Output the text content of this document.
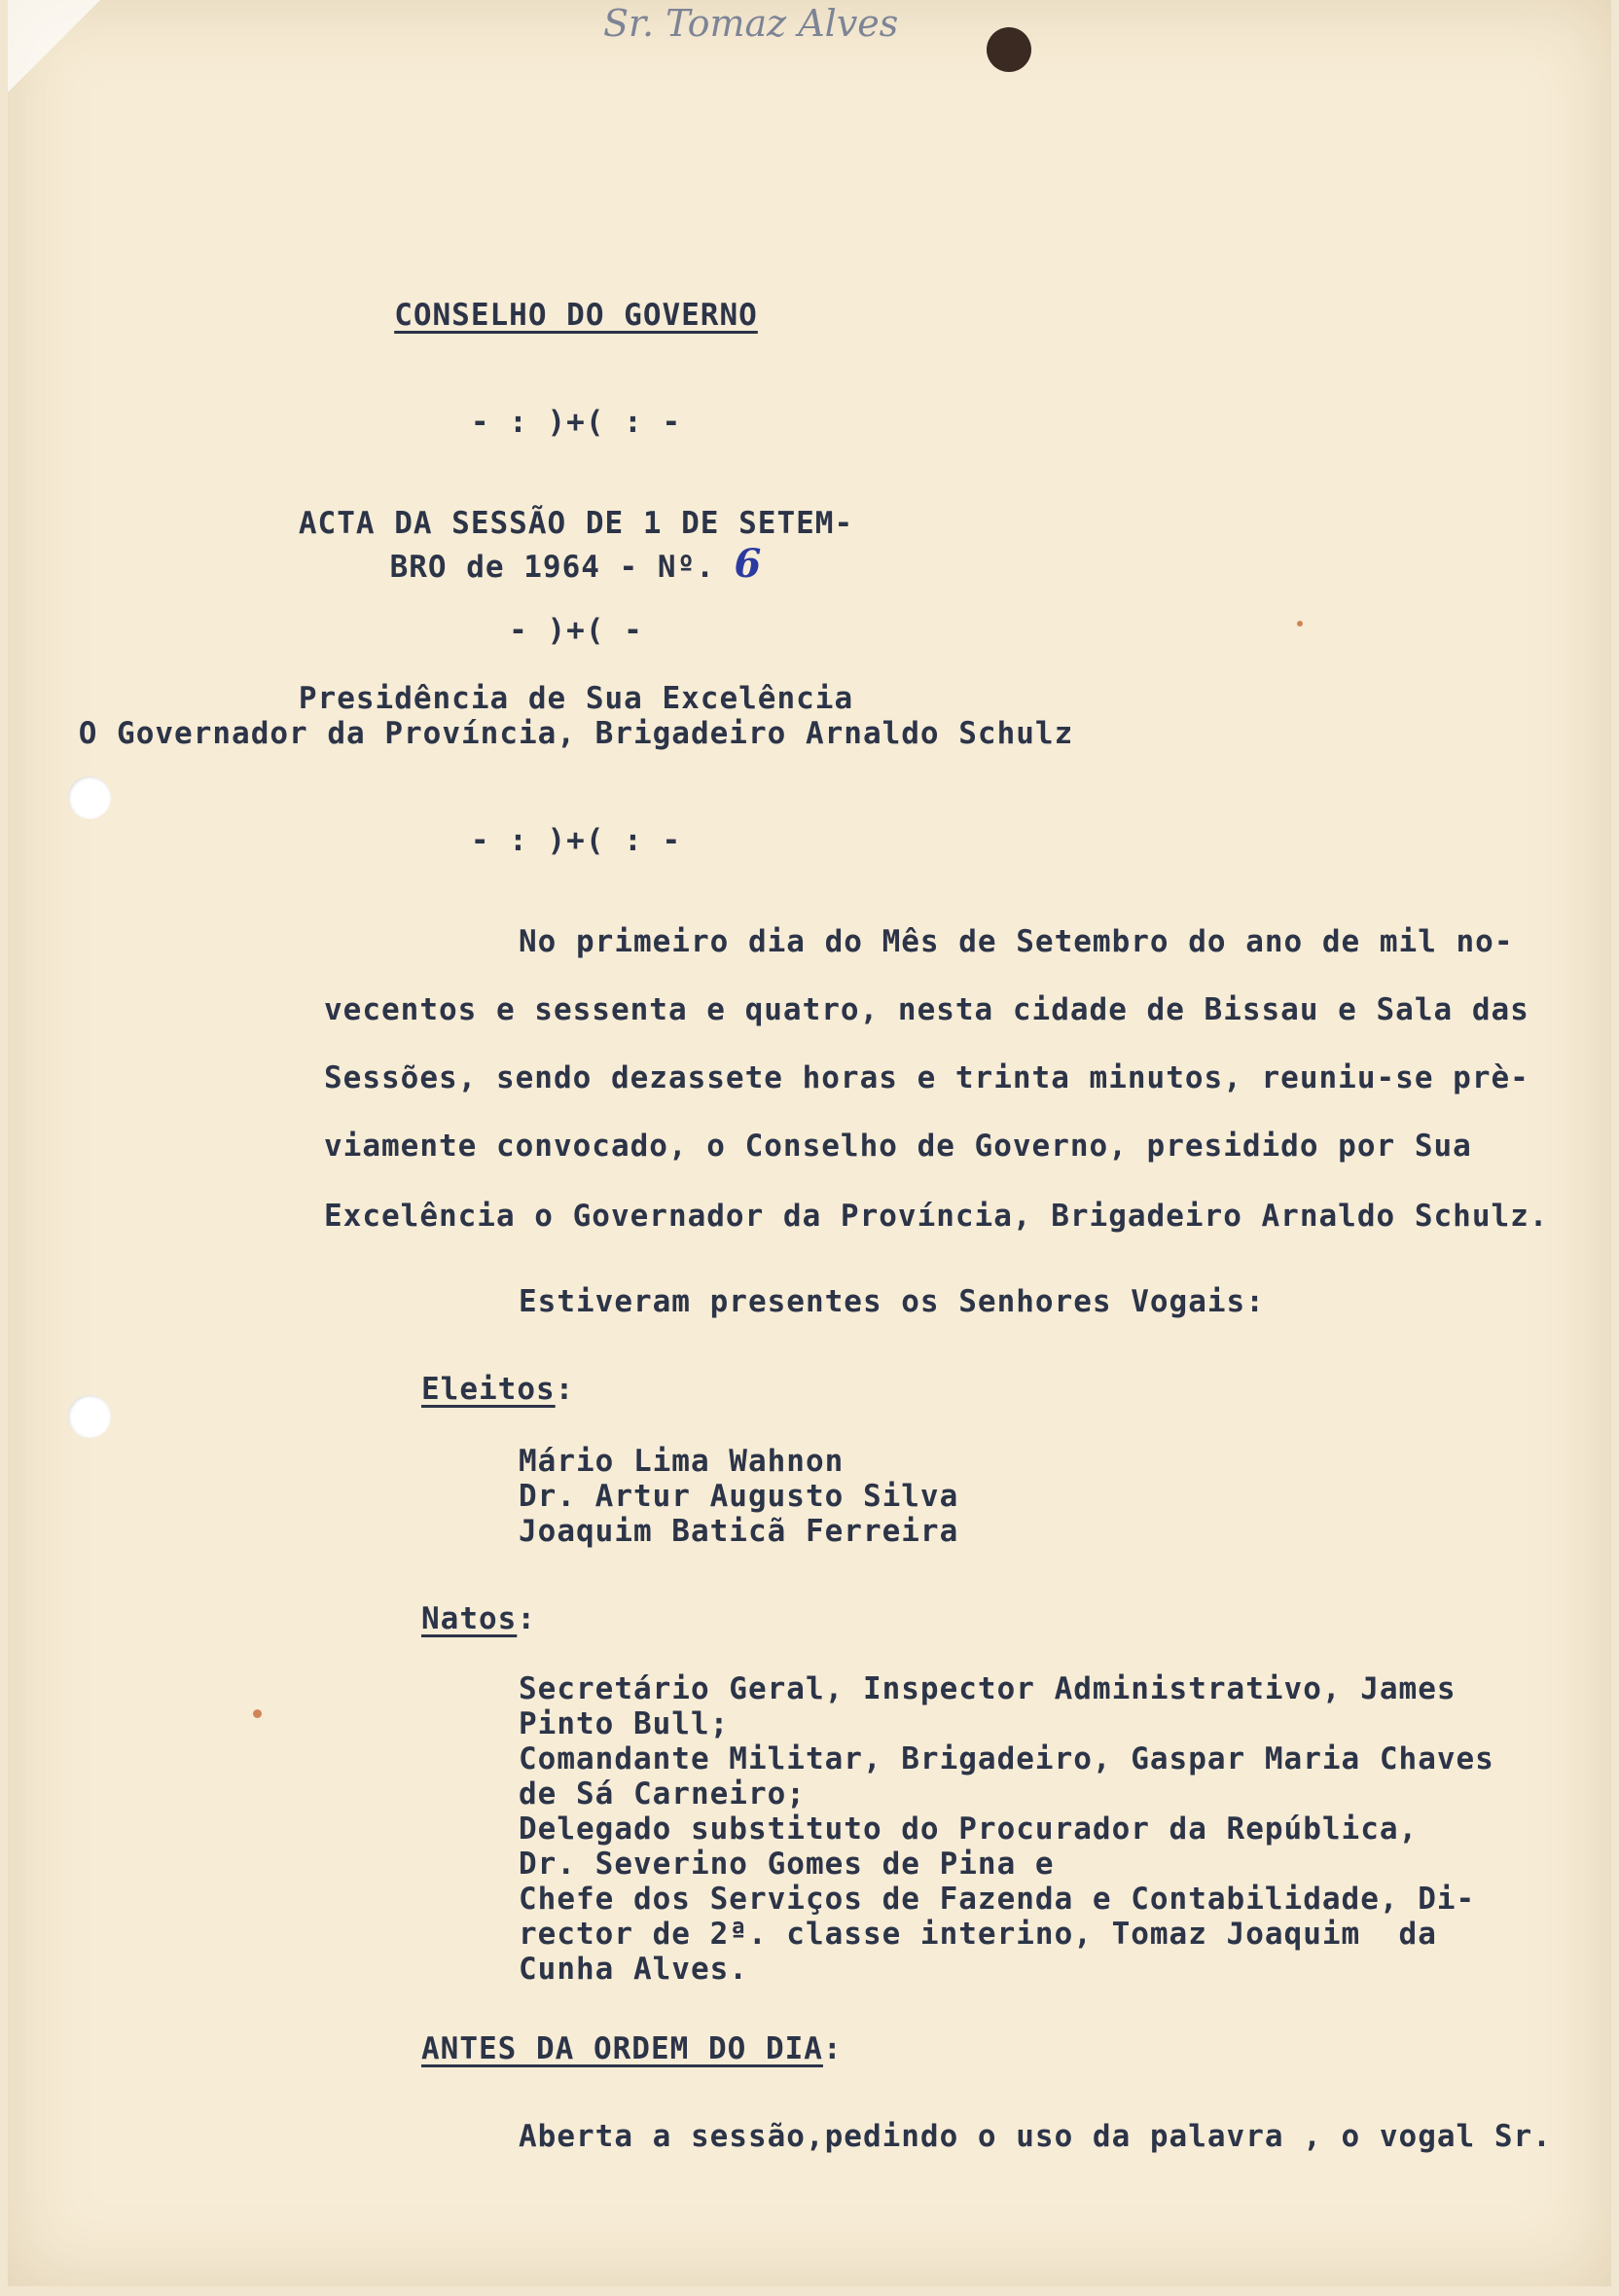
Sr. Tomaz Alves
CONSELHO DO GOVERNO
- : )+( : -
ACTA DA SESSÃO DE 1 DE SETEM-
BRO de 1964 - Nº. 6
- )+( -
Presidência de Sua Excelência
O Governador da Província, Brigadeiro Arnaldo Schulz
- : )+( : -
No primeiro dia do Mês de Setembro do ano de mil no-
vecentos e sessenta e quatro, nesta cidade de Bissau e Sala das
Sessões, sendo dezassete horas e trinta minutos, reuniu-se prè-
viamente convocado, o Conselho de Governo, presidido por Sua
Excelência o Governador da Província, Brigadeiro Arnaldo Schulz.
Estiveram presentes os Senhores Vogais:
Eleitos:
Mário Lima Wahnon
Dr. Artur Augusto Silva
Joaquim Baticã Ferreira
Natos:
Secretário Geral, Inspector Administrativo, James
Pinto Bull;
Comandante Militar, Brigadeiro, Gaspar Maria Chaves
de Sá Carneiro;
Delegado substituto do Procurador da República,
Dr. Severino Gomes de Pina e
Chefe dos Serviços de Fazenda e Contabilidade, Di-
rector de 2ª. classe interino, Tomaz Joaquim  da
Cunha Alves.
ANTES DA ORDEM DO DIA:
Aberta a sessão,pedindo o uso da palavra , o vogal Sr.
